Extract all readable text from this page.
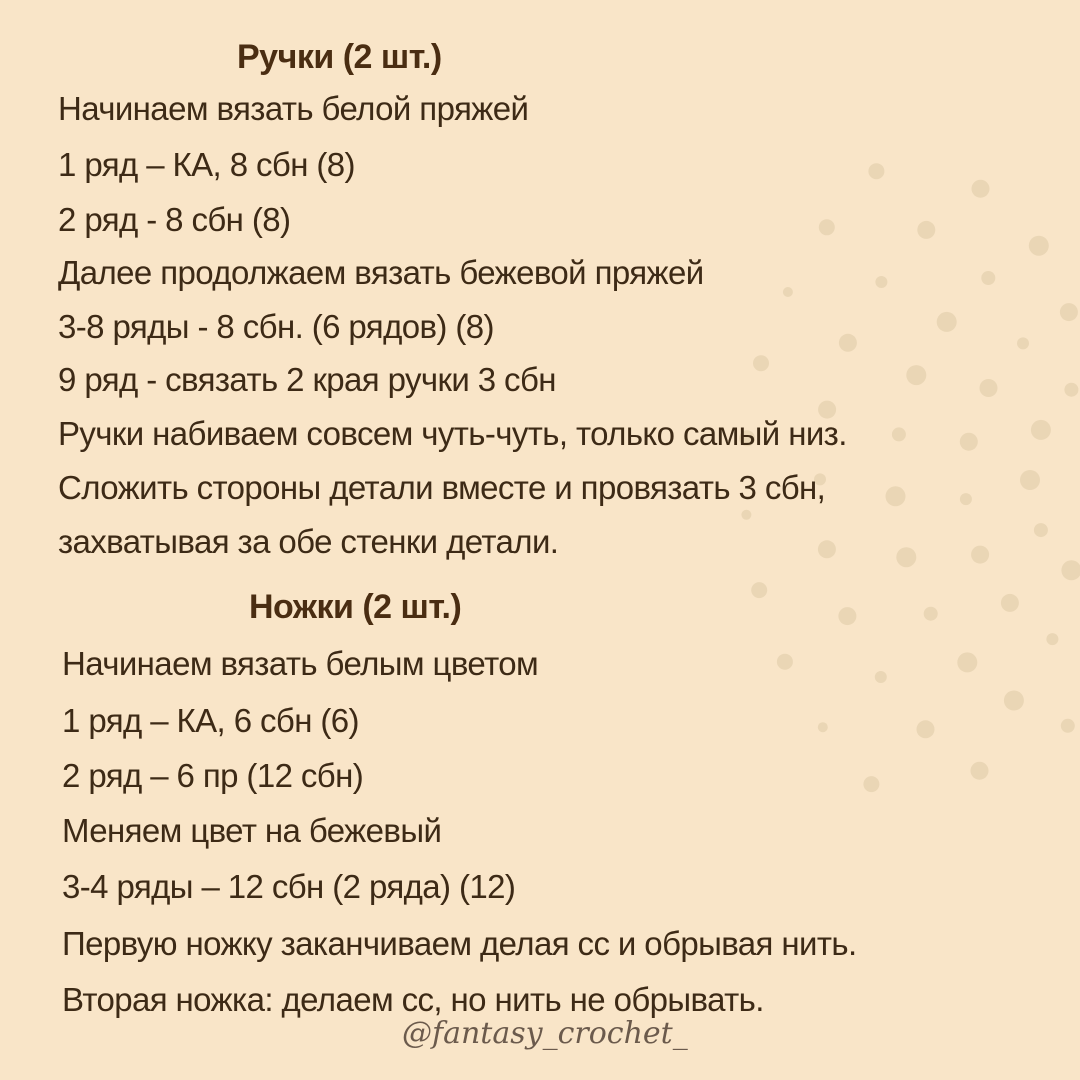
Ручки (2 шт.)
Начинаем вязать белой пряжей
1 ряд – КА, 8 сбн (8)
2 ряд - 8 сбн (8)
Далее продолжаем вязать бежевой пряжей
3-8 ряды - 8 сбн. (6 рядов) (8)
9 ряд - связать 2 края ручки 3 сбн
Ручки набиваем совсем чуть-чуть, только самый низ.
Сложить стороны детали вместе и провязать 3 сбн,
захватывая за обе стенки детали.
Ножки (2 шт.)
Начинаем вязать белым цветом
1 ряд – КА, 6 сбн (6)
2 ряд – 6 пр (12 сбн)
Меняем цвет на бежевый
3-4 ряды – 12 сбн (2 ряда) (12)
Первую ножку заканчиваем делая сс и обрывая нить.
Вторая ножка: делаем сс, но нить не обрывать.
@fantasy_crochet_
